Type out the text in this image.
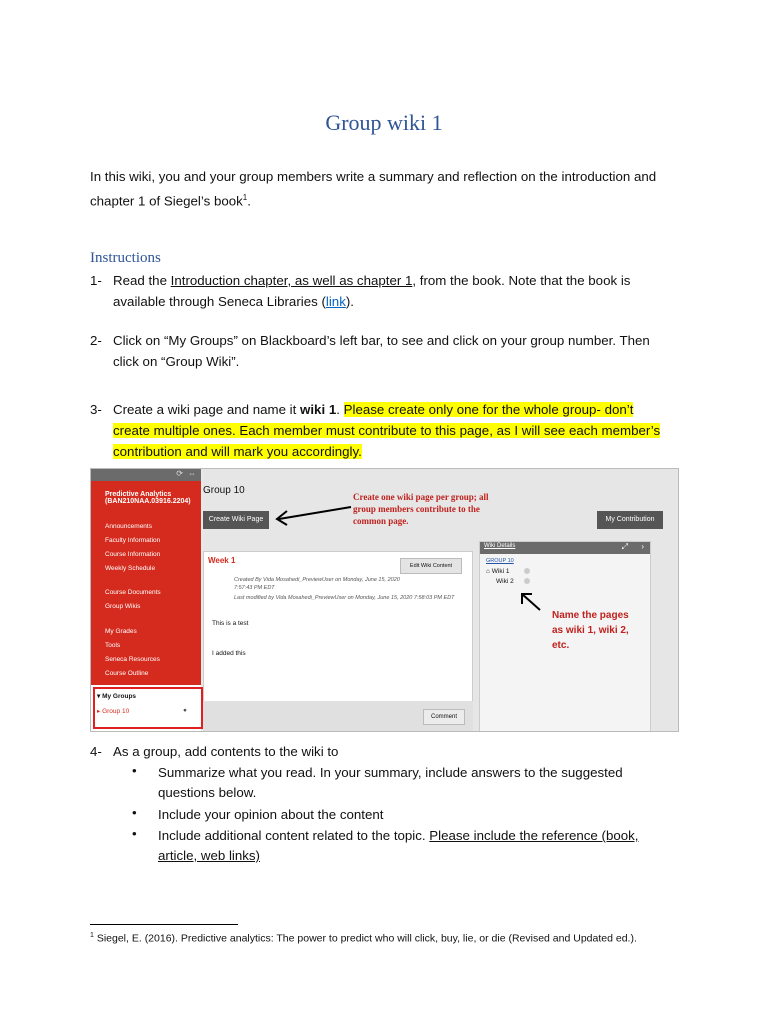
Group wiki 1
In this wiki, you and your group members write a summary and reflection on the introduction and chapter 1 of Siegel’s book$^1$.
Instructions
1- Read the Introduction chapter, as well as chapter 1, from the book. Note that the book is available through Seneca Libraries (link).
2- Click on “My Groups” on Blackboard’s left bar, to see and click on your group number. Then click on “Group Wiki”.
3- Create a wiki page and name it wiki 1. Please create only one for the whole group- don’t create multiple ones. Each member must contribute to this page, as I will see each member’s contribution and will mark you accordingly.
⟳ ⇔
Predictive Analytics (BAN210NAA.03916.2204)
Announcements
Faculty Information
Course Information
Weekly Schedule
Course Documents
Group Wikis
My Grades
Tools
Seneca Resources
Course Outline
▾ My Groups
▸ Group 10	●
Group 10
Create Wiki Page	My Contribution
Create one wiki page per group; all group members contribute to the common page.
Week 1
Edit Wiki Content
Created By Vida Mosahedi_PreviewUser on Monday, June 15, 2020 7:57:43 PM EDT
Last modified by Vida Mosahedi_PreviewUser on Monday, June 15, 2020 7:58:03 PM EDT
This is a test
I added this
Comment
Wiki Details	⤢ ›
GROUP 10
⌂ Wiki 1
Wiki 2
Name the pages as wiki 1, wiki 2, etc.
4- As a group, add contents to the wiki to
•	Summarize what you read. In your summary, include answers to the suggested questions below.
•	Include your opinion about the content
•	Include additional content related to the topic. Please include the reference (book, article, web links)
$^1$ Siegel, E. (2016). Predictive analytics: The power to predict who will click, buy, lie, or die (Revised and Updated ed.).
